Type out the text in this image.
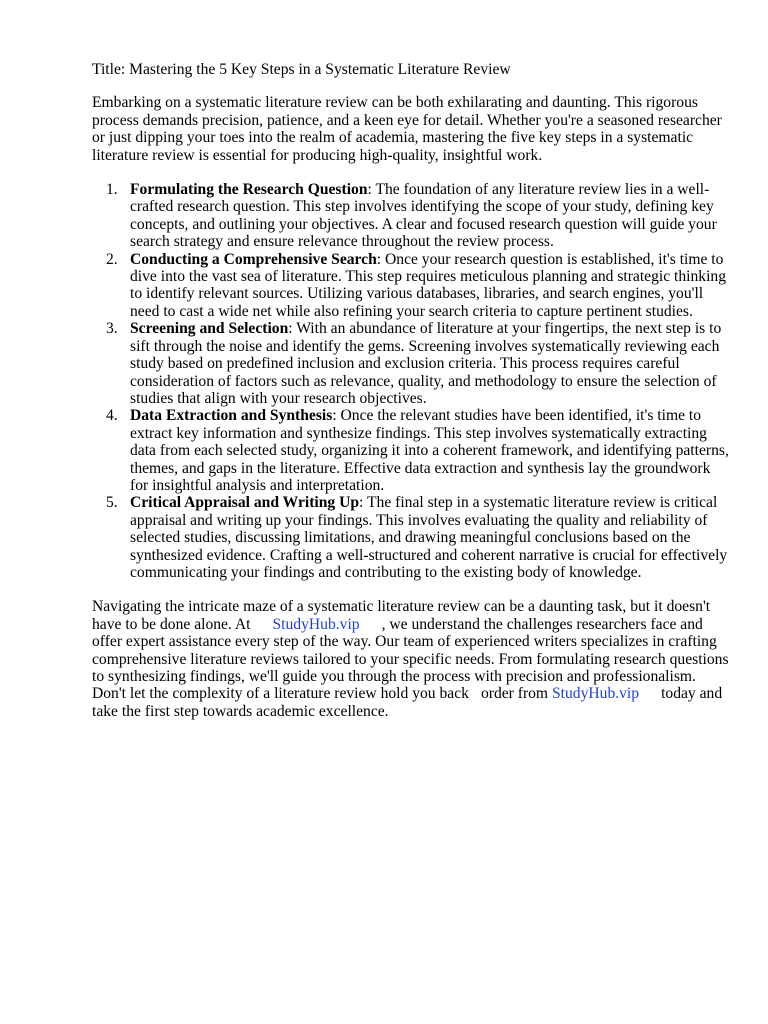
Title: Mastering the 5 Key Steps in a Systematic Literature Review

Embarking on a systematic literature review can be both exhilarating and daunting. This rigorous process demands precision, patience, and a keen eye for detail. Whether you're a seasoned researcher or just dipping your toes into the realm of academia, mastering the five key steps in a systematic literature review is essential for producing high-quality, insightful work.

1. Formulating the Research Question: The foundation of any literature review lies in a well-crafted research question. This step involves identifying the scope of your study, defining key concepts, and outlining your objectives. A clear and focused research question will guide your search strategy and ensure relevance throughout the review process.
2. Conducting a Comprehensive Search: Once your research question is established, it's time to dive into the vast sea of literature. This step requires meticulous planning and strategic thinking to identify relevant sources. Utilizing various databases, libraries, and search engines, you'll need to cast a wide net while also refining your search criteria to capture pertinent studies.
3. Screening and Selection: With an abundance of literature at your fingertips, the next step is to sift through the noise and identify the gems. Screening involves systematically reviewing each study based on predefined inclusion and exclusion criteria. This process requires careful consideration of factors such as relevance, quality, and methodology to ensure the selection of studies that align with your research objectives.
4. Data Extraction and Synthesis: Once the relevant studies have been identified, it's time to extract key information and synthesize findings. This step involves systematically extracting data from each selected study, organizing it into a coherent framework, and identifying patterns, themes, and gaps in the literature. Effective data extraction and synthesis lay the groundwork for insightful analysis and interpretation.
5. Critical Appraisal and Writing Up: The final step in a systematic literature review is critical appraisal and writing up your findings. This involves evaluating the quality and reliability of selected studies, discussing limitations, and drawing meaningful conclusions based on the synthesized evidence. Crafting a well-structured and coherent narrative is crucial for effectively communicating your findings and contributing to the existing body of knowledge.

Navigating the intricate maze of a systematic literature review can be a daunting task, but it doesn't have to be done alone. At StudyHub.vip , we understand the challenges researchers face and offer expert assistance every step of the way. Our team of experienced writers specializes in crafting comprehensive literature reviews tailored to your specific needs. From formulating research questions to synthesizing findings, we'll guide you through the process with precision and professionalism. Don't let the complexity of a literature review hold you back order from StudyHub.vip today and take the first step towards academic excellence.
